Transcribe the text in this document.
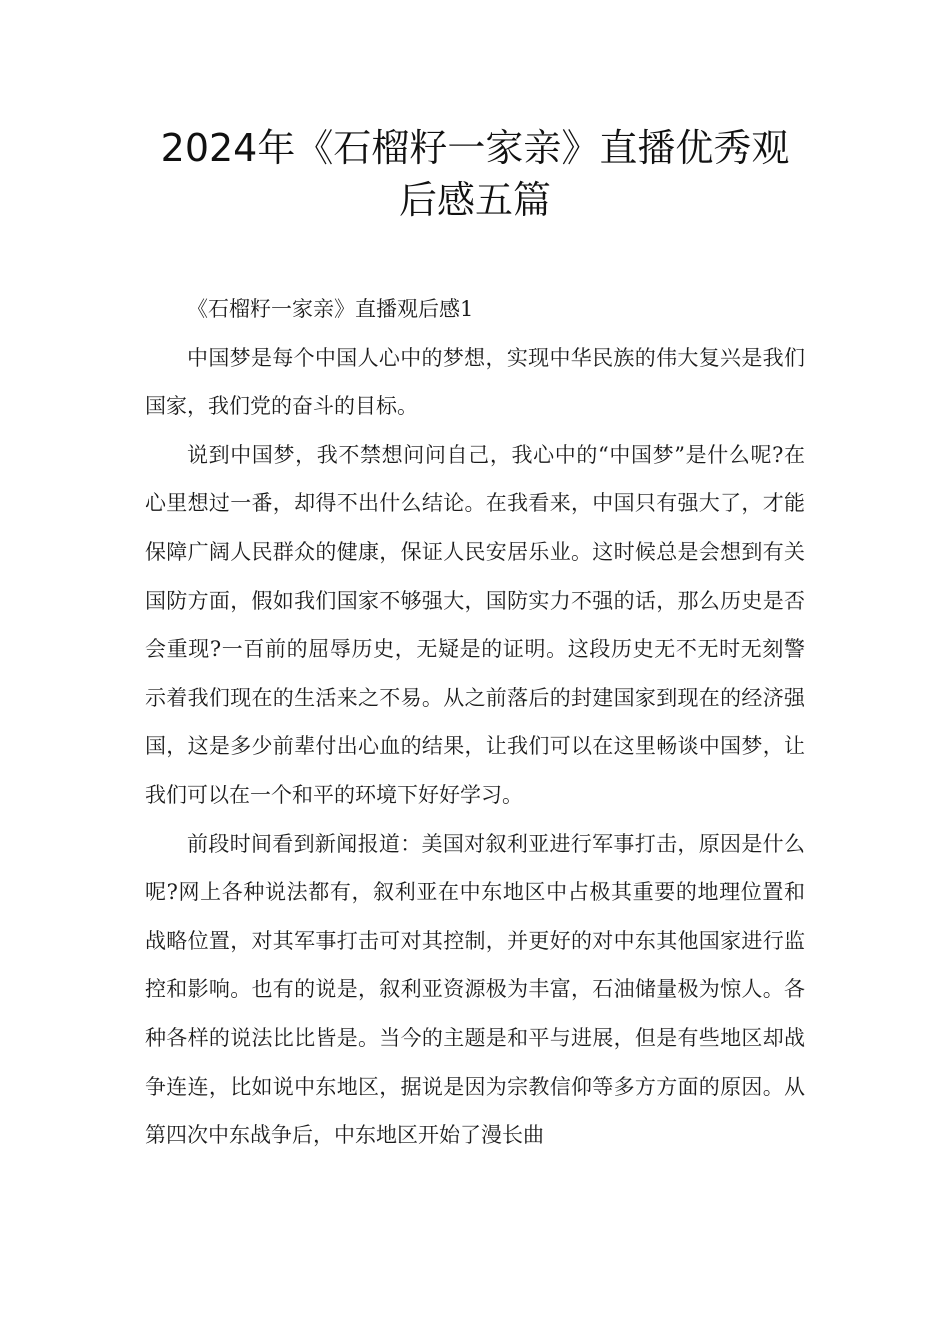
2024年《石榴籽一家亲》直播优秀观后感五篇

《石榴籽一家亲》直播观后感1

中国梦是每个中国人心中的梦想，实现中华民族的伟大复兴是我们国家，我们党的奋斗的目标。

说到中国梦，我不禁想问问自己，我心中的“中国梦”是什么呢?在心里想过一番，却得不出什么结论。在我看来，中国只有强大了，才能保障广阔人民群众的健康，保证人民安居乐业。这时候总是会想到有关国防方面，假如我们国家不够强大，国防实力不强的话，那么历史是否会重现?一百前的屈辱历史，无疑是的证明。这段历史无不无时无刻警示着我们现在的生活来之不易。从之前落后的封建国家到现在的经济强国，这是多少前辈付出心血的结果，让我们可以在这里畅谈中国梦，让我们可以在一个和平的环境下好好学习。

前段时间看到新闻报道：美国对叙利亚进行军事打击，原因是什么呢?网上各种说法都有，叙利亚在中东地区中占极其重要的地理位置和战略位置，对其军事打击可对其控制，并更好的对中东其他国家进行监控和影响。也有的说是，叙利亚资源极为丰富，石油储量极为惊人。各种各样的说法比比皆是。当今的主题是和平与进展，但是有些地区却战争连连，比如说中东地区，据说是因为宗教信仰等多方方面的原因。从第四次中东战争后，中东地区开始了漫长曲
